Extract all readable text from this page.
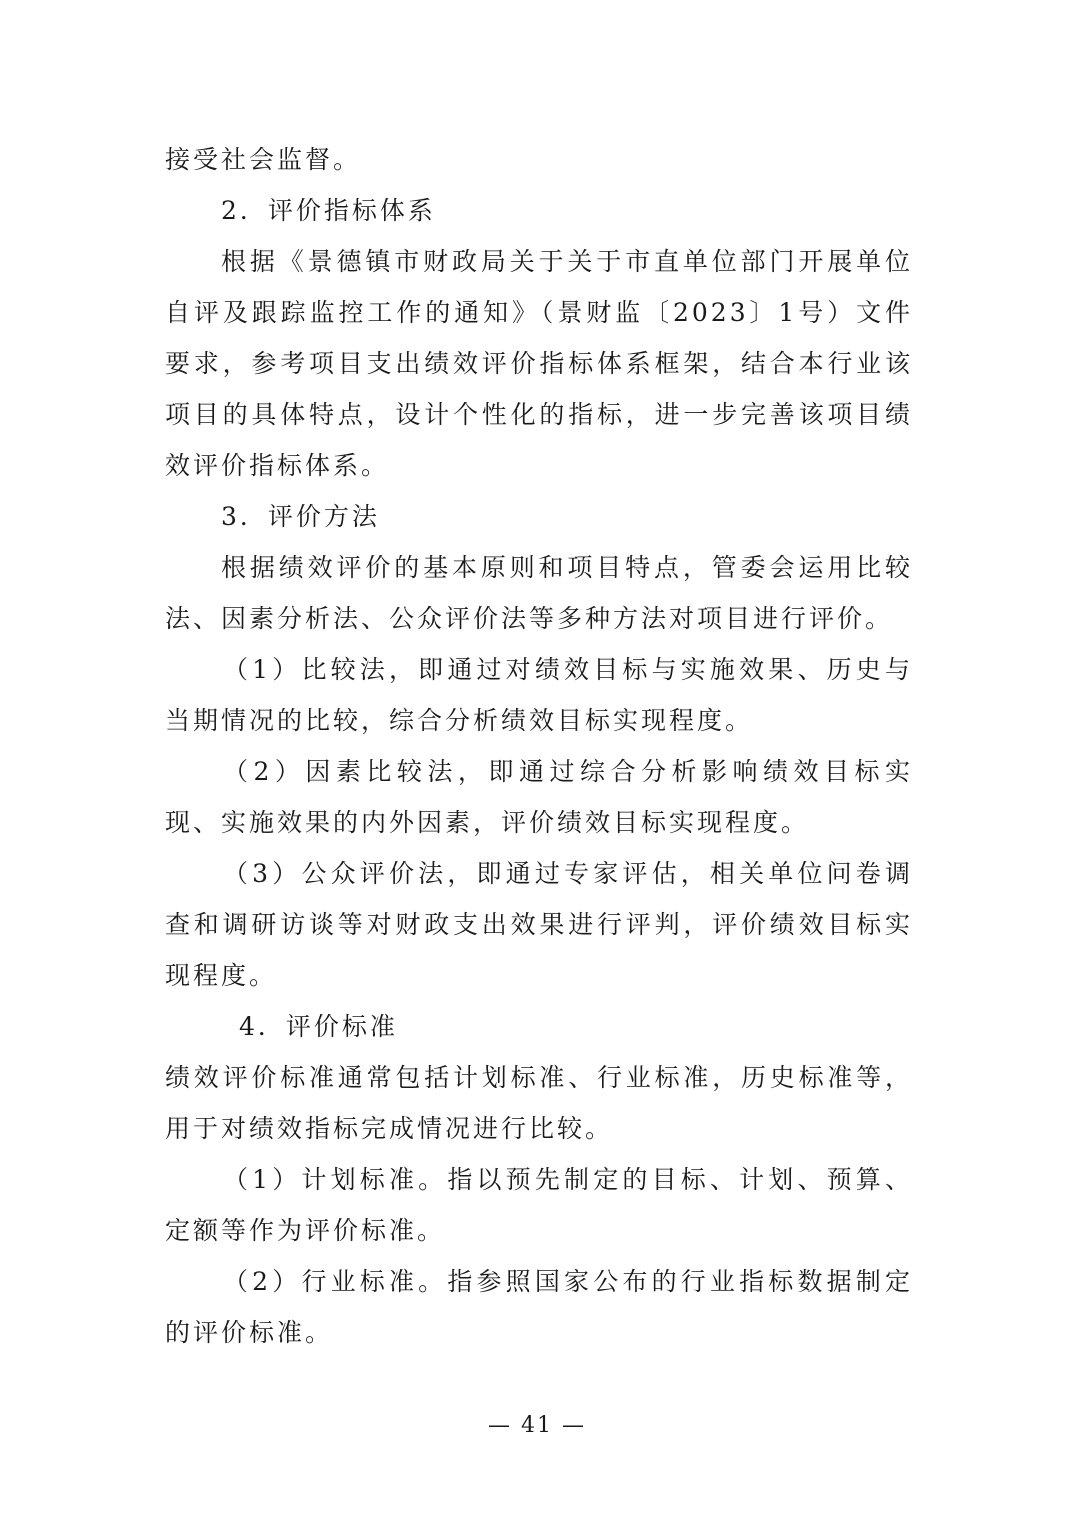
接受社会监督。

2．评价指标体系

根据《景德镇市财政局关于关于市直单位部门开展单位自评及跟踪监控工作的通知》（景财监〔2023〕1号）文件要求，参考项目支出绩效评价指标体系框架，结合本行业该项目的具体特点，设计个性化的指标，进一步完善该项目绩效评价指标体系。

3．评价方法

根据绩效评价的基本原则和项目特点，管委会运用比较法、因素分析法、公众评价法等多种方法对项目进行评价。

（1）比较法，即通过对绩效目标与实施效果、历史与当期情况的比较，综合分析绩效目标实现程度。

（2）因素比较法，即通过综合分析影响绩效目标实现、实施效果的内外因素，评价绩效目标实现程度。

（3）公众评价法，即通过专家评估，相关单位问卷调查和调研访谈等对财政支出效果进行评判，评价绩效目标实现程度。

4．评价标准

绩效评价标准通常包括计划标准、行业标准，历史标准等，用于对绩效指标完成情况进行比较。

（1）计划标准。指以预先制定的目标、计划、预算、定额等作为评价标准。

（2）行业标准。指参照国家公布的行业指标数据制定的评价标准。

— 41 —
